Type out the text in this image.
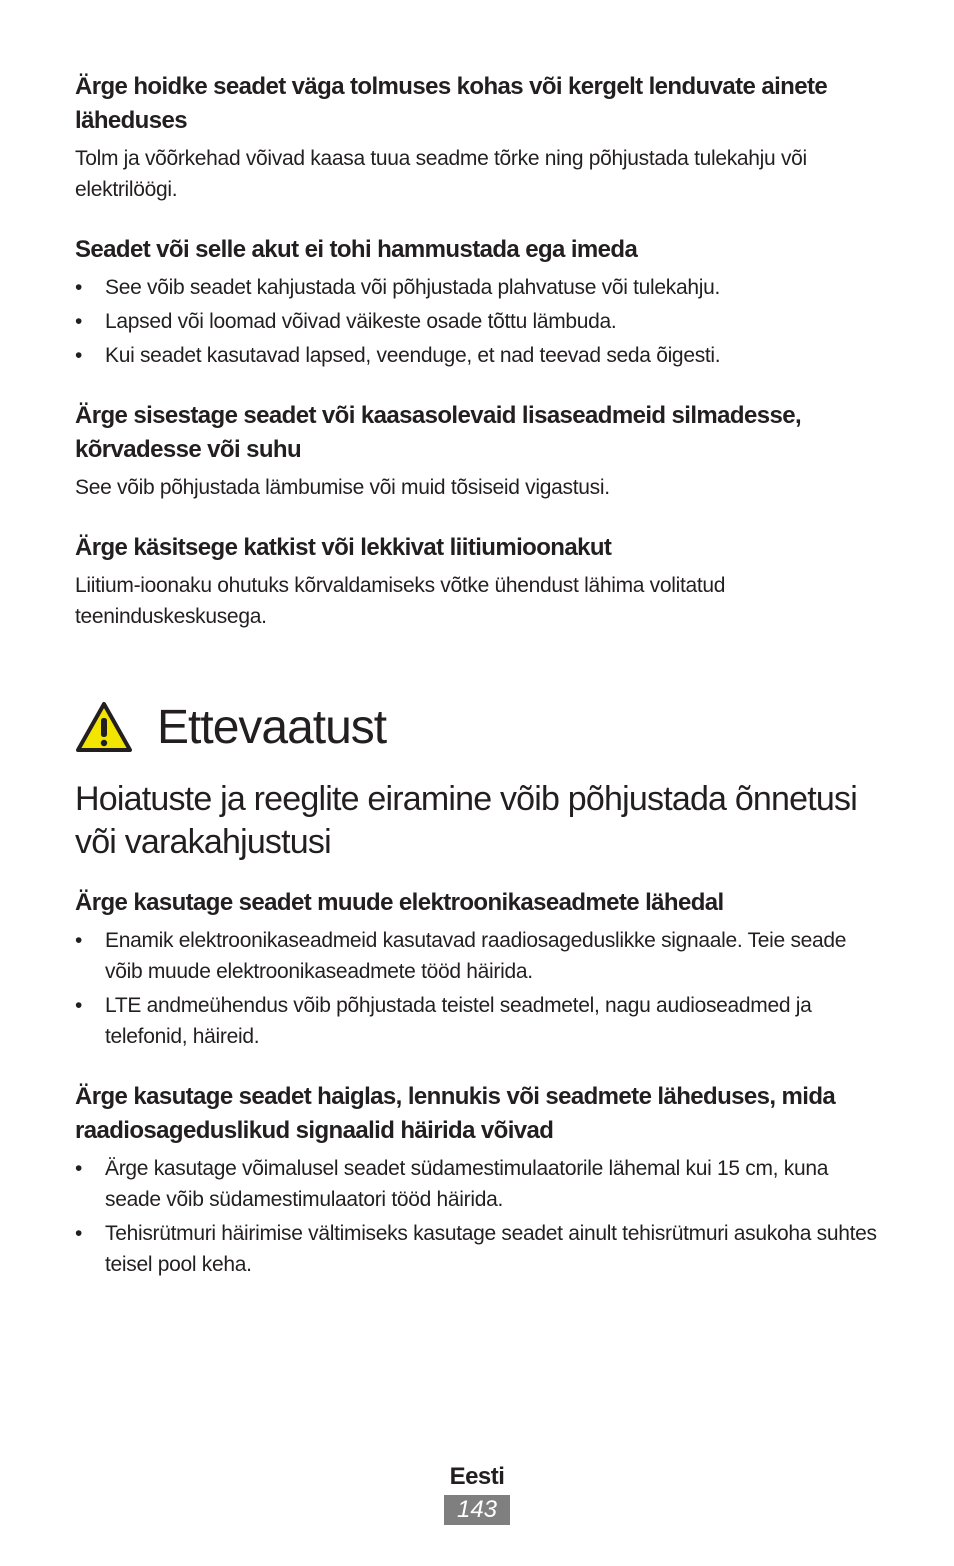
Ärge hoidke seadet väga tolmuses kohas või kergelt lenduvate ainete läheduses

Tolm ja võõrkehad võivad kaasa tuua seadme tõrke ning põhjustada tulekahju või elektrilöögi.

Seadet või selle akut ei tohi hammustada ega imeda

• See võib seadet kahjustada või põhjustada plahvatuse või tulekahju.
• Lapsed või loomad võivad väikeste osade tõttu lämbuda.
• Kui seadet kasutavad lapsed, veenduge, et nad teevad seda õigesti.

Ärge sisestage seadet või kaasasolevaid lisaseadmeid silmadesse, kõrvadesse või suhu

See võib põhjustada lämbumise või muid tõsiseid vigastusi.

Ärge käsitsege katkist või lekkivat liitiumioonakut

Liitium-ioonaku ohutuks kõrvaldamiseks võtke ühendust lähima volitatud teeninduskeskusega.

Ettevaatust

Hoiatuste ja reeglite eiramine võib põhjustada õnnetusi või varakahjustusi

Ärge kasutage seadet muude elektroonikaseadmete lähedal

• Enamik elektroonikaseadmeid kasutavad raadiosageduslikke signaale. Teie seade võib muude elektroonikaseadmete tööd häirida.
• LTE andmeühendus võib põhjustada teistel seadmetel, nagu audioseadmed ja telefonid, häireid.

Ärge kasutage seadet haiglas, lennukis või seadmete läheduses, mida raadiosageduslikud signaalid häirida võivad

• Ärge kasutage võimalusel seadet südamestimulaatorile lähemal kui 15 cm, kuna seade võib südamestimulaatori tööd häirida.
• Tehisrütmuri häirimise vältimiseks kasutage seadet ainult tehisrütmuri asukoha suhtes teisel pool keha.
Eesti
143
